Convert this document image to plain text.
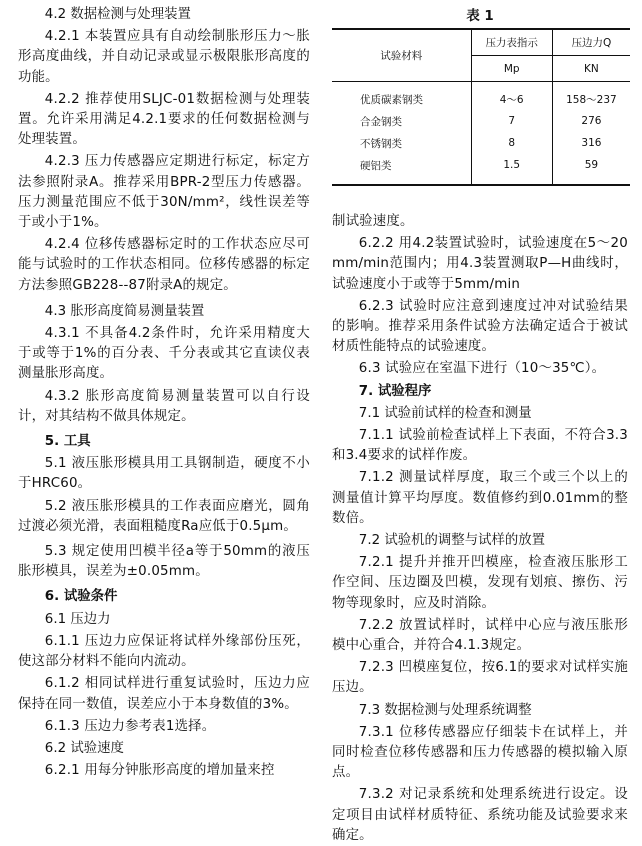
4.2 数据检测与处理装置

4.2.1 本装置应具有自动绘制胀形压力～胀形高度曲线，并自动记录或显示极限胀形高度的功能。

4.2.2 推荐使用SLJC-01数据检测与处理装置。允许采用满足4.2.1要求的任何数据检测与处理装置。

4.2.3 压力传感器应定期进行标定，标定方法参照附录A。推荐采用BPR-2型压力传感器。压力测量范围应不低于30N/mm²，线性误差等于或小于1%。

4.2.4 位移传感器标定时的工作状态应尽可能与试验时的工作状态相同。位移传感器的标定方法参照GB228--87附录A的规定。

4.3 胀形高度简易测量装置

4.3.1 不具备4.2条件时，允许采用精度大于或等于1%的百分表、千分表或其它直读仪表测量胀形高度。

4.3.2 胀形高度简易测量装置可以自行设计，对其结构不做具体规定。

5. 工具

5.1 液压胀形模具用工具钢制造，硬度不小于HRC60。

5.2 液压胀形模具的工作表面应磨光，圆角过渡必须光滑，表面粗糙度Ra应低于0.5μm。

5.3 规定使用凹模半径a等于50mm的液压胀形模具，误差为±0.05mm。

6. 试验条件

6.1 压边力

6.1.1 压边力应保证将试样外缘部份压死，使这部分材料不能向内流动。

6.1.2 相同试样进行重复试验时，压边力应保持在同一数值，误差应小于本身数值的3%。

6.1.3 压边力参考表1选择。

6.2 试验速度

6.2.1 用每分钟胀形高度的增加量来控

表 1
试验材料	压力表指示	压边力Q
	Mp	KN
优质碳素钢类	4～6	158～237
合金钢类	7	276
不锈钢类	8	316
硬铝类	1.5	59

制试验速度。

6.2.2 用4.2装置试验时，试验速度在5～20mm/min范围内；用4.3装置测取P—H曲线时，试验速度小于或等于5mm/min

6.2.3 试验时应注意到速度过冲对试验结果的影响。推荐采用条件试验方法确定适合于被试材质性能特点的试验速度。

6.3 试验应在室温下进行（10～35℃）。

7. 试验程序

7.1 试验前试样的检查和测量

7.1.1 试验前检查试样上下表面，不符合3.3和3.4要求的试样作废。

7.1.2 测量试样厚度，取三个或三个以上的测量值计算平均厚度。数值修约到0.01mm的整数倍。

7.2 试验机的调整与试样的放置

7.2.1 提升并推开凹模座，检查液压胀形工作空间、压边圈及凹模，发现有划痕、擦伤、污物等现象时，应及时消除。

7.2.2 放置试样时，试样中心应与液压胀形模中心重合，并符合4.1.3规定。

7.2.3 凹模座复位，按6.1的要求对试样实施压边。

7.3 数据检测与处理系统调整

7.3.1 位移传感器应仔细装卡在试样上，并同时检查位移传感器和压力传感器的模拟输入原点。

7.3.2 对记录系统和处理系统进行设定。设定项目由试样材质特征、系统功能及试验要求来确定。
